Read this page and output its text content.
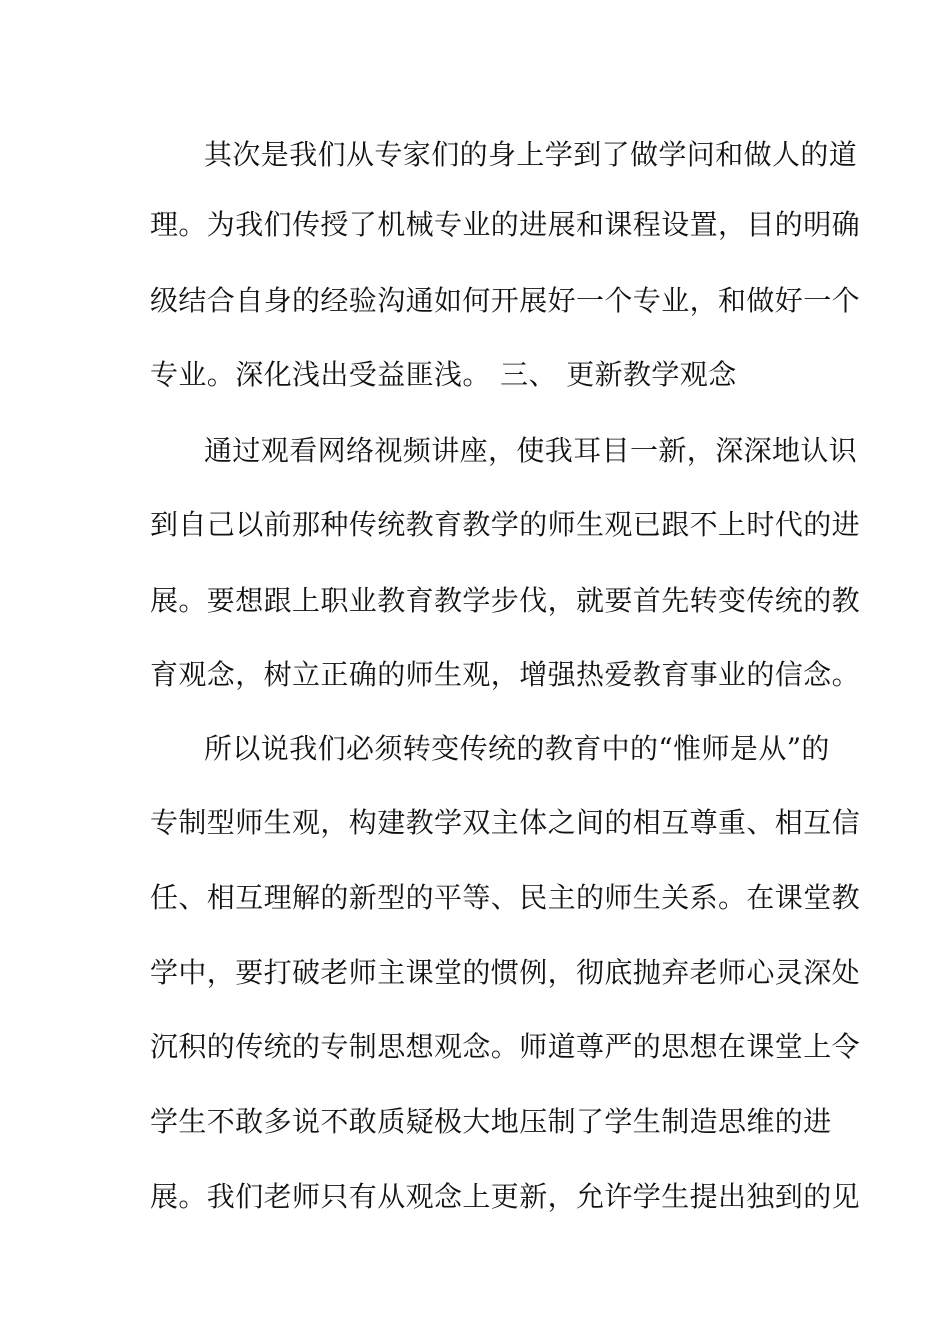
其次是我们从专家们的身上学到了做学问和做人的道
理。为我们传授了机械专业的进展和课程设置，目的明确
级结合自身的经验沟通如何开展好一个专业，和做好一个
专业。深化浅出受益匪浅。 三、 更新教学观念
通过观看网络视频讲座，使我耳目一新，深深地认识
到自己以前那种传统教育教学的师生观已跟不上时代的进
展。要想跟上职业教育教学步伐，就要首先转变传统的教
育观念，树立正确的师生观，增强热爱教育事业的信念。
所以说我们必须转变传统的教育中的“惟师是从”的
专制型师生观，构建教学双主体之间的相互尊重、相互信
任、相互理解的新型的平等、民主的师生关系。在课堂教
学中，要打破老师主课堂的惯例，彻底抛弃老师心灵深处
沉积的传统的专制思想观念。师道尊严的思想在课堂上令
学生不敢多说不敢质疑极大地压制了学生制造思维的进
展。我们老师只有从观念上更新，允许学生提出独到的见
